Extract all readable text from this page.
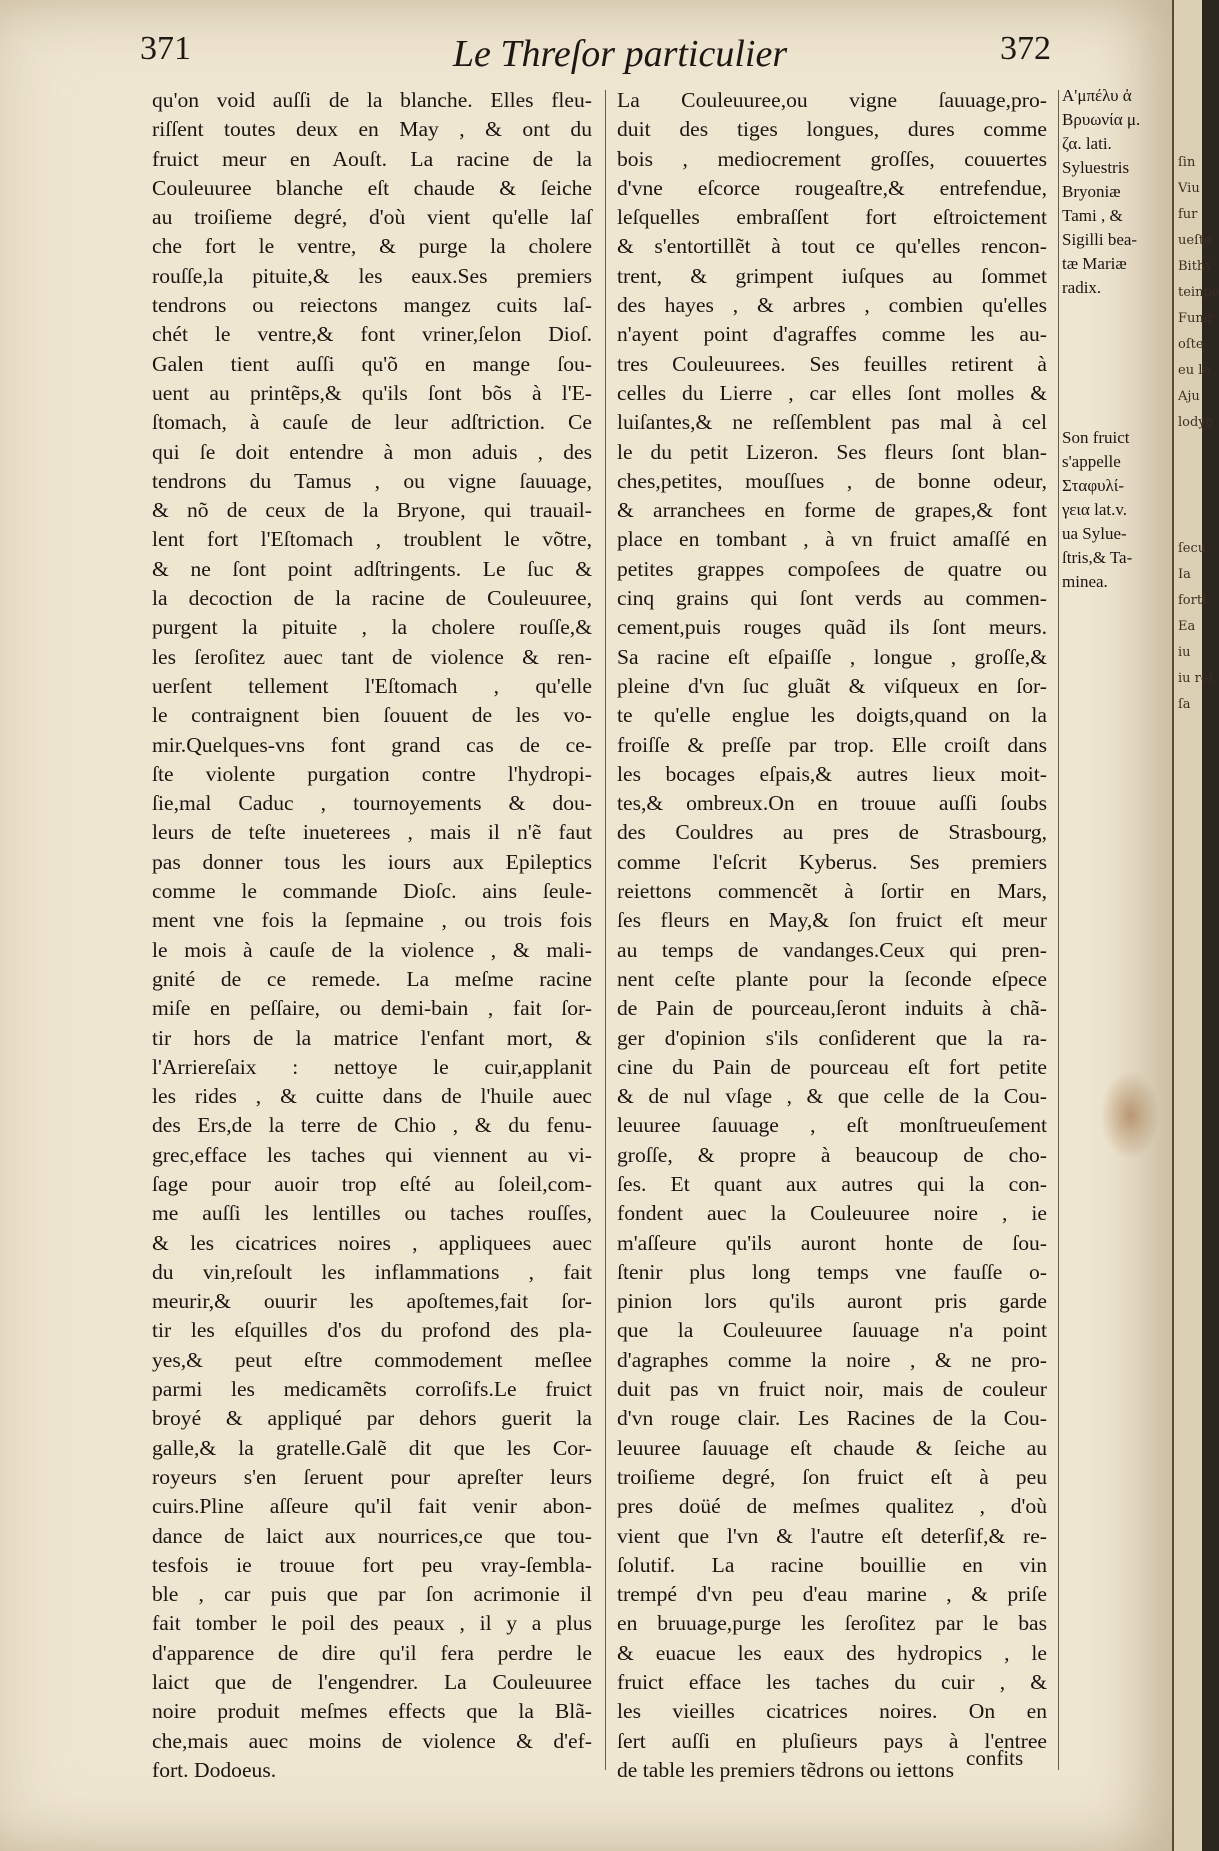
371	Le Threſor particulier	372
qu'on void auſſi de la blanche. Elles fleu-
riſſent toutes deux en May , & ont du
fruict meur en Aouſt. La racine de la
Couleuuree blanche eſt chaude & ſeiche
au troiſieme degré, d'où vient qu'elle laſ
che fort le ventre, & purge la cholere
rouſſe,la pituite,& les eaux.Ses premiers
tendrons ou reiectons mangez cuits laſ-
chét le ventre,& font vriner,ſelon Dioſ.
Galen tient auſſi qu'õ en mange ſou-
uent au printẽps,& qu'ils ſont bõs à l'E-
ſtomach, à cauſe de leur adſtriction. Ce
qui ſe doit entendre à mon aduis , des
tendrons du Tamus , ou vigne ſauuage,
& nõ de ceux de la Bryone, qui trauail-
lent fort l'Eſtomach , troublent le võtre,
& ne ſont point adſtringents. Le ſuc &
la decoction de la racine de Couleuuree,
purgent la pituite , la cholere rouſſe,&
les ſeroſitez auec tant de violence & ren-
uerſent tellement l'Eſtomach , qu'elle
le contraignent bien ſouuent de les vo-
mir.Quelques-vns font grand cas de ce-
ſte violente purgation contre l'hydropi-
ſie,mal Caduc , tournoyements & dou-
leurs de teſte inueterees , mais il n'ẽ faut
pas donner tous les iours aux Epileptics
comme le commande Dioſc. ains ſeule-
ment vne fois la ſepmaine , ou trois fois
le mois à cauſe de la violence , & mali-
gnité de ce remede. La meſme racine
miſe en peſſaire, ou demi-bain , fait ſor-
tir hors de la matrice l'enfant mort, &
l'Arriereſaix : nettoye le cuir,applanit
les rides , & cuitte dans de l'huile auec
des Ers,de la terre de Chio , & du fenu-
grec,efface les taches qui viennent au vi-
ſage pour auoir trop eſté au ſoleil,com-
me auſſi les lentilles ou taches rouſſes,
& les cicatrices noires , appliquees auec
du vin,reſoult les inflammations , fait
meurir,& ouurir les apoſtemes,fait ſor-
tir les eſquilles d'os du profond des pla-
yes,& peut eſtre commodement meſlee
parmi les medicamẽts corroſifs.Le fruict
broyé & appliqué par dehors guerit la
galle,& la gratelle.Galẽ dit que les Cor-
royeurs s'en ſeruent pour apreſter leurs
cuirs.Pline aſſeure qu'il fait venir abon-
dance de laict aux nourrices,ce que tou-
tesfois ie trouue fort peu vray-ſembla-
ble , car puis que par ſon acrimonie il
fait tomber le poil des peaux , il y a plus
d'apparence de dire qu'il fera perdre le
laict que de l'engendrer. La Couleuuree
noire produit meſmes effects que la Blã-
che,mais auec moins de violence & d'ef-
fort. Dodoeus.
La Couleuuree,ou vigne ſauuage,pro-
duit des tiges longues, dures comme
bois , mediocrement groſſes, couuertes
d'vne eſcorce rougeaſtre,& entrefendue,
leſquelles embraſſent fort eſtroictement
& s'entortillẽt à tout ce qu'elles rencon-
trent, & grimpent iuſques au ſommet
des hayes , & arbres , combien qu'elles
n'ayent point d'agraffes comme les au-
tres Couleuurees. Ses feuilles retirent à
celles du Lierre , car elles ſont molles &
luiſantes,& ne reſſemblent pas mal à cel
le du petit Lizeron. Ses fleurs ſont blan-
ches,petites, mouſſues , de bonne odeur,
& arranchees en forme de grapes,& font
place en tombant , à vn fruict amaſſé en
petites grappes compoſees de quatre ou
cinq grains qui ſont verds au commen-
cement,puis rouges quãd ils ſont meurs.
Sa racine eſt eſpaiſſe , longue , groſſe,&
pleine d'vn ſuc gluãt & viſqueux en ſor-
te qu'elle englue les doigts,quand on la
froiſſe & preſſe par trop. Elle croiſt dans
les bocages eſpais,& autres lieux moit-
tes,& ombreux.On en trouue auſſi ſoubs
des Couldres au pres de Strasbourg,
comme l'eſcrit Kyberus. Ses premiers
reiettons commencẽt à ſortir en Mars,
ſes fleurs en May,& ſon fruict eſt meur
au temps de vandanges.Ceux qui pren-
nent ceſte plante pour la ſeconde eſpece
de Pain de pourceau,ſeront induits à chã-
ger d'opinion s'ils conſiderent que la ra-
cine du Pain de pourceau eſt fort petite
& de nul vſage , & que celle de la Cou-
leuuree ſauuage , eſt monſtrueuſement
groſſe, & propre à beaucoup de cho-
ſes. Et quant aux autres qui la con-
fondent auec la Couleuuree noire , ie
m'aſſeure qu'ils auront honte de ſou-
ſtenir plus long temps vne fauſſe o-
pinion lors qu'ils auront pris garde
que la Couleuuree ſauuage n'a point
d'agraphes comme la noire , & ne pro-
duit pas vn fruict noir, mais de couleur
d'vn rouge clair. Les Racines de la Cou-
leuuree ſauuage eſt chaude & ſeiche au
troiſieme degré, ſon fruict eſt à peu
pres doüé de meſmes qualitez , d'où
vient que l'vn & l'autre eſt deterſif,& re-
ſolutif. La racine bouillie en vin
trempé d'vn peu d'eau marine , & priſe
en bruuage,purge les ſeroſitez par le bas
& euacue les eaux des hydropics , le
fruict efface les taches du cuir , &
les vieilles cicatrices noires. On en
ſert auſſi en pluſieurs pays à l'entree
de table les premiers tẽdrons ou iettons
Α'μπέλυ ἀ
Βρυωνία μ.
ζα. lati.
Syluestris
Bryoniæ
Tami , &
Sigilli bea-
tæ Mariæ
radix.
Son fruict
s'appelle
Σταφυλί-
γεια lat.v.
ua Sylue-
ſtris,& Ta-
minea.
confits
ſin
Viu
fur
ueſte
Bithy
teinpe
Funir
oſte
eu le
Aju
lodyꝺ
ſecu
Ia
fortt
Ea
iu
iu rel
ſa
